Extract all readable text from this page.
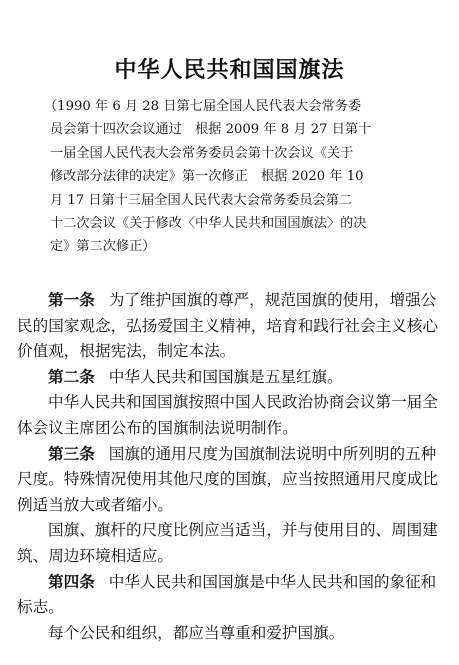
中华人民共和国国旗法

（1990 年 6 月 28 日第七届全国人民代表大会常务委

员会第十四次会议通过　根据 2009 年 8 月 27 日第十

一届全国人民代表大会常务委员会第十次会议《关于

修改部分法律的决定》第一次修正　根据 2020 年 10

月 17 日第十三届全国人民代表大会常务委员会第二

十二次会议《关于修改〈中华人民共和国国旗法〉的决

定》第二次修正）

第一条 为了维护国旗的尊严，规范国旗的使用，增强公

民的国家观念，弘扬爱国主义精神，培育和践行社会主义核心

价值观，根据宪法，制定本法。

第二条 中华人民共和国国旗是五星红旗。

中华人民共和国国旗按照中国人民政治协商会议第一届全

体会议主席团公布的国旗制法说明制作。

第三条 国旗的通用尺度为国旗制法说明中所列明的五种

尺度。特殊情况使用其他尺度的国旗，应当按照通用尺度成比

例适当放大或者缩小。

国旗、旗杆的尺度比例应当适当，并与使用目的、周围建

筑、周边环境相适应。

第四条 中华人民共和国国旗是中华人民共和国的象征和

标志。

每个公民和组织，都应当尊重和爱护国旗。
